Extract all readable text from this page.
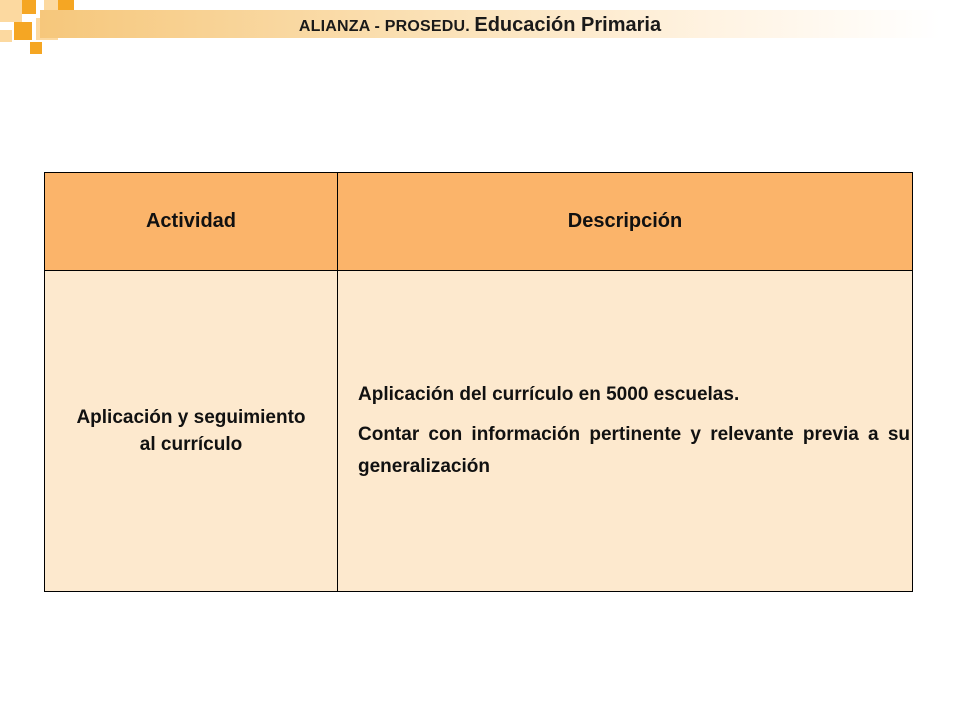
ALIANZA - PROSEDU. Educación Primaria
Actividad	Descripción
Aplicación y seguimiento al currículo	Aplicación del currículo en 5000 escuelas.

Contar con información pertinente y relevante previa a su generalización
